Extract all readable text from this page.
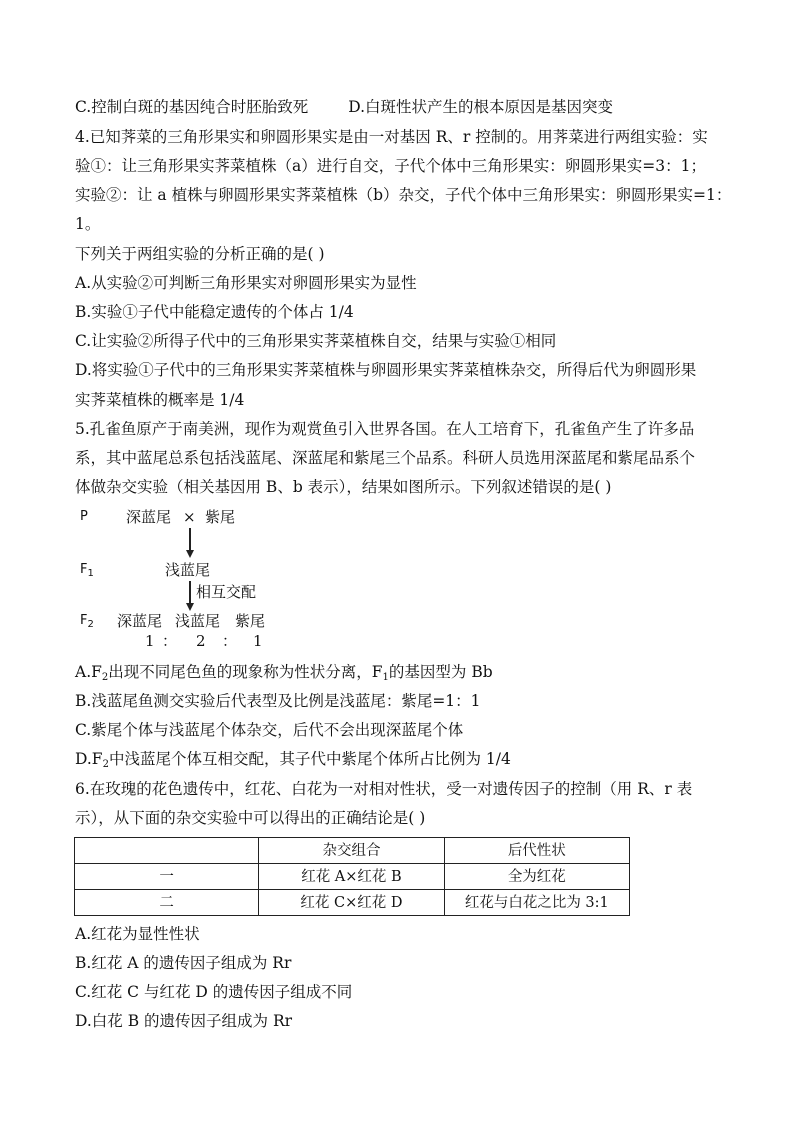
C.控制白斑的基因纯合时胚胎致死	D.白斑性状产生的根本原因是基因突变
4.已知荠菜的三角形果实和卵圆形果实是由一对基因 R、r 控制的。用荠菜进行两组实验：实
验①：让三角形果实荠菜植株（a）进行自交，子代个体中三角形果实：卵圆形果实=3：1；
实验②：让 a 植株与卵圆形果实荠菜植株（b）杂交，子代个体中三角形果实：卵圆形果实=1：
1。
下列关于两组实验的分析正确的是( )
A.从实验②可判断三角形果实对卵圆形果实为显性
B.实验①子代中能稳定遗传的个体占 1/4
C.让实验②所得子代中的三角形果实荠菜植株自交，结果与实验①相同
D.将实验①子代中的三角形果实荠菜植株与卵圆形果实荠菜植株杂交，所得后代为卵圆形果
实荠菜植株的概率是 1/4
5.孔雀鱼原产于南美洲，现作为观赏鱼引入世界各国。在人工培育下，孔雀鱼产生了许多品
系，其中蓝尾总系包括浅蓝尾、深蓝尾和紫尾三个品系。科研人员选用深蓝尾和紫尾品系个
体做杂交实验（相关基因用 B、b 表示），结果如图所示。下列叙述错误的是( )
P	深蓝尾 × 紫尾
$F_1$	浅蓝尾
相互交配
$F_2$ 深蓝尾 浅蓝尾 紫尾
1 ： 2 ： 1
$A.F_2$出现不同尾色鱼的现象称为性状分离，$F_1$的基因型为 Bb
B.浅蓝尾鱼测交实验后代表型及比例是浅蓝尾：紫尾=1：1
C.紫尾个体与浅蓝尾个体杂交，后代不会出现深蓝尾个体
$D.F_2$中浅蓝尾个体互相交配，其子代中紫尾个体所占比例为 1/4
6.在玫瑰的花色遗传中，红花、白花为一对相对性状，受一对遗传因子的控制（用 R、r 表
示），从下面的杂交实验中可以得出的正确结论是( )
	杂交组合	后代性状
一	红花 A×红花 B	全为红花
二	红花 C×红花 D	红花与白花之比为 3:1
A.红花为显性性状
B.红花 A 的遗传因子组成为 Rr
C.红花 C 与红花 D 的遗传因子组成不同
D.白花 B 的遗传因子组成为 Rr
